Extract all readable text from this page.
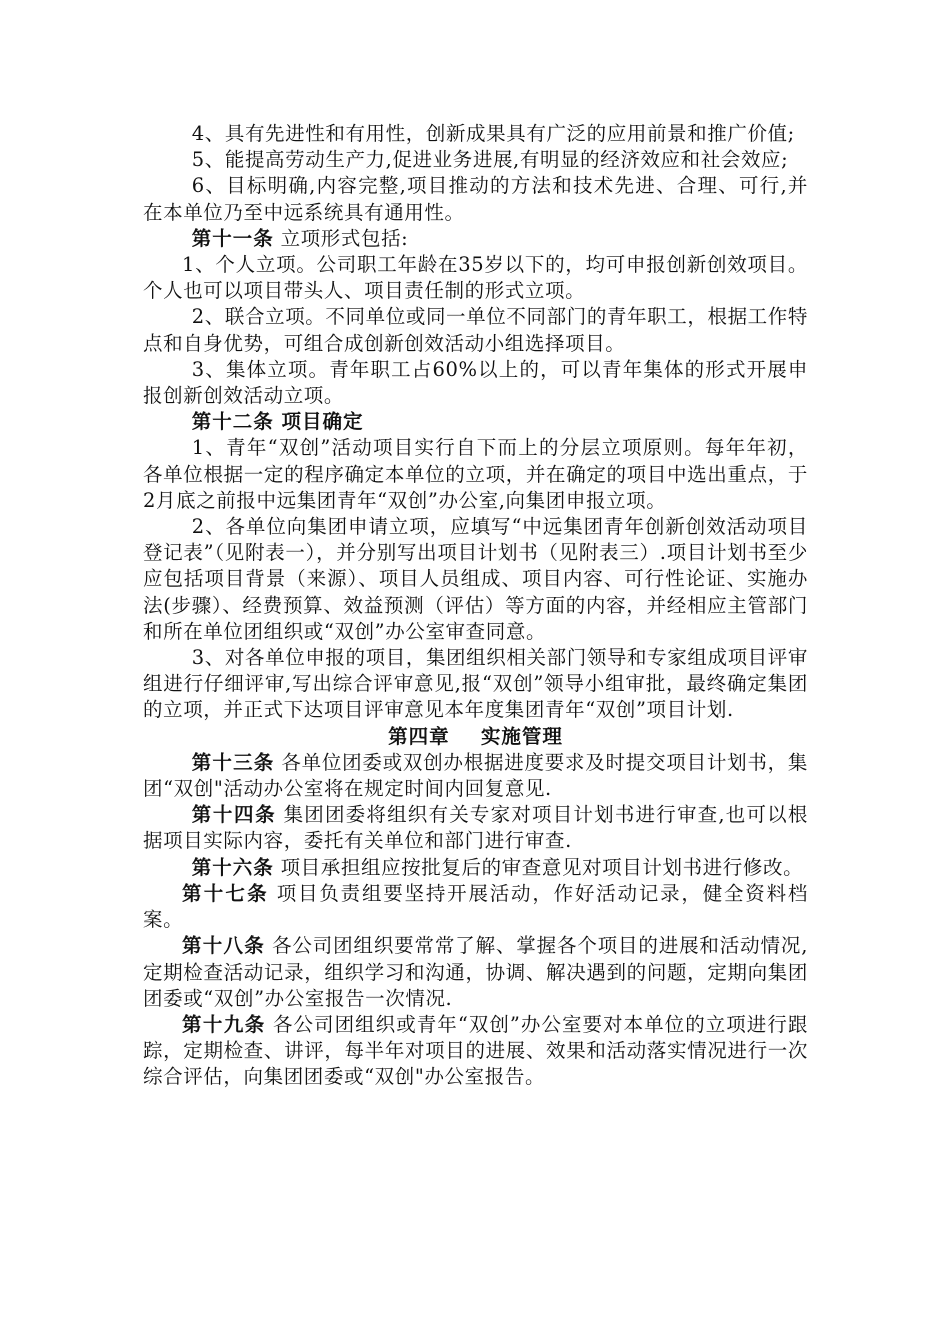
4、具有先进性和有用性，创新成果具有广泛的应用前景和推广价值;

5、能提高劳动生产力,促进业务进展,有明显的经济效应和社会效应;

6、目标明确,内容完整,项目推动的方法和技术先进、合理、可行,并在本单位乃至中远系统具有通用性。

第十一条 立项形式包括:

1、个人立项。公司职工年龄在35岁以下的，均可申报创新创效项目。个人也可以项目带头人、项目责任制的形式立项。

2、联合立项。不同单位或同一单位不同部门的青年职工，根据工作特点和自身优势，可组合成创新创效活动小组选择项目。

3、集体立项。青年职工占60%以上的，可以青年集体的形式开展申报创新创效活动立项。

第十二条 项目确定

1、青年“双创”活动项目实行自下而上的分层立项原则。每年年初，各单位根据一定的程序确定本单位的立项，并在确定的项目中选出重点，于2月底之前报中远集团青年“双创”办公室,向集团申报立项。

2、各单位向集团申请立项，应填写“中远集团青年创新创效活动项目登记表”（见附表一），并分别写出项目计划书（见附表三）.项目计划书至少应包括项目背景（来源）、项目人员组成、项目内容、可行性论证、实施办法(步骤）、经费预算、效益预测（评估）等方面的内容，并经相应主管部门和所在单位团组织或“双创”办公室审查同意。

3、对各单位申报的项目，集团组织相关部门领导和专家组成项目评审组进行仔细评审,写出综合评审意见,报“双创”领导小组审批，最终确定集团的立项，并正式下达项目评审意见本年度集团青年“双创”项目计划.

第四章 实施管理

第十三条 各单位团委或双创办根据进度要求及时提交项目计划书，集团“双创"活动办公室将在规定时间内回复意见.

第十四条 集团团委将组织有关专家对项目计划书进行审查,也可以根据项目实际内容，委托有关单位和部门进行审查.

第十六条 项目承担组应按批复后的审查意见对项目计划书进行修改。

第十七条 项目负责组要坚持开展活动，作好活动记录，健全资料档案。

第十八条 各公司团组织要常常了解、掌握各个项目的进展和活动情况,定期检查活动记录，组织学习和沟通，协调、解决遇到的问题，定期向集团团委或“双创”办公室报告一次情况.

第十九条 各公司团组织或青年“双创”办公室要对本单位的立项进行跟踪，定期检查、讲评，每半年对项目的进展、效果和活动落实情况进行一次综合评估，向集团团委或“双创"办公室报告。
